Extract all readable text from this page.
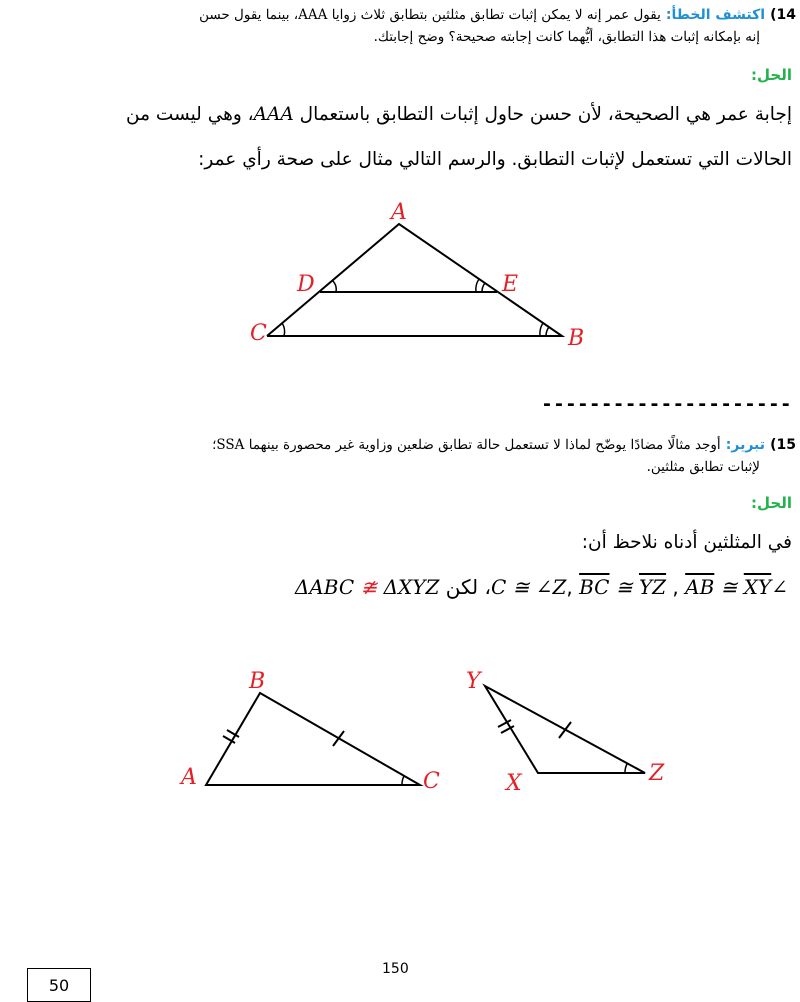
14) اكتشف الخطأ: يقول عمر إنه لا يمكن إثبات تطابق مثلثين بتطابق ثلاث زوايا AAA، بينما يقول حسن
إنه بإمكانه إثبات هذا التطابق، أيُّهما كانت إجابته صحيحة؟ وضح إجابتك.
الحل:
إجابة عمر هي الصحيحة، لأن حسن حاول إثبات التطابق باستعمال AAA، وهي ليست من
الحالات التي تستعمل لإثبات التطابق. والرسم التالي مثال على صحة رأي عمر:
A
D	E
C	B
---------------------
15) تبرير: أوجد مثالًا مضادًا يوضّح لماذا لا تستعمل حالة تطابق ضلعين وزاوية غير محصورة بينهما SSA؛
لإثبات تطابق مثلثين.
الحل:
في المثلثين أدناه نلاحظ أن:
∠C ≅ ∠Z, BC ≅ YZ , AB ≅ XY، لكن ΔABC ≇ ΔXYZ
B
A	C
Y
X	Z
150
50
